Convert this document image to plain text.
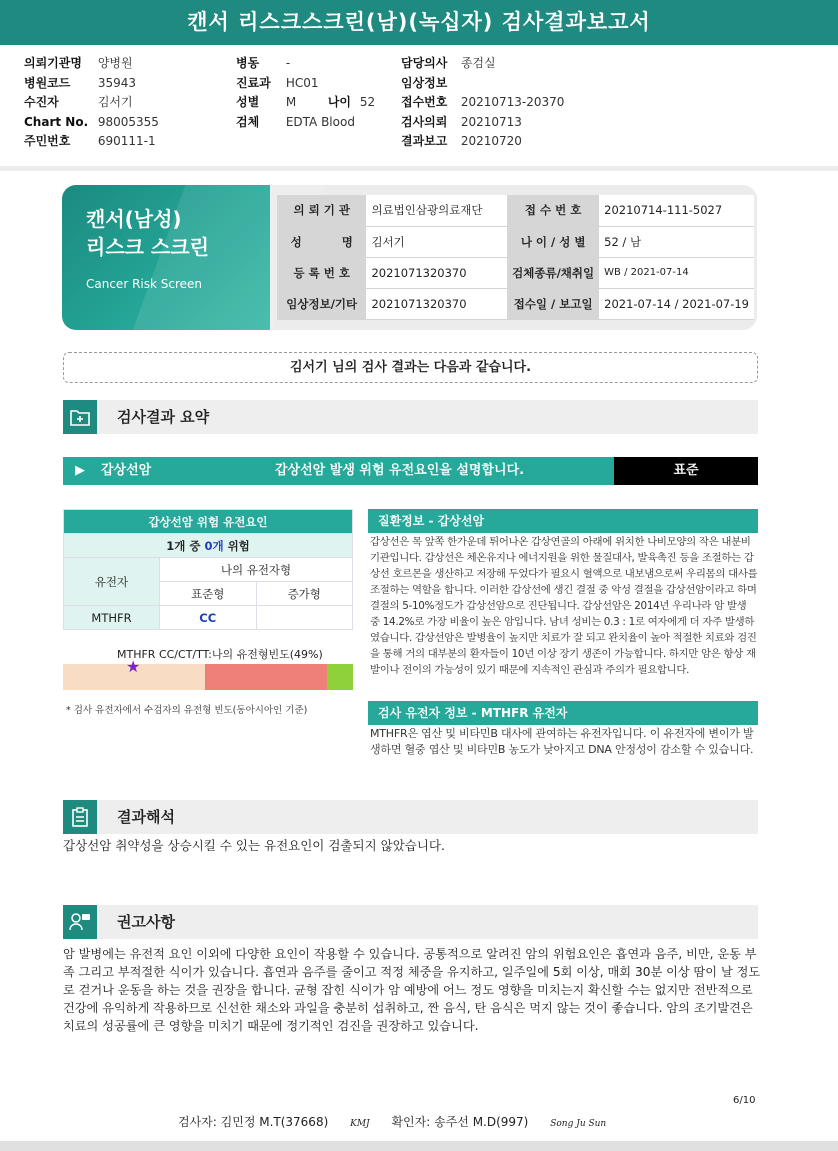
캔서 리스크스크린(남)(녹십자) 검사결과보고서
의뢰기관명 양병원
병원코드 35943
수진자	김서기
Chart No. 98005355
주민번호 690111-1
병동 -
진료과 HC01
성별 M	나이 52
검체 EDTA Blood
담당의사 종검실
임상정보
접수번호 20210713-20370
검사의뢰 20210713
결과보고 20210720
캔서(남성)
리스크 스크린
Cancer Risk Screen
의 뢰 기 관	의료법인삼광의료재단	접 수 번 호	20210714-111-5027
성          명	김서기	나 이 / 성 별	52 / 남
등 록 번 호	2021071320370	검체종류/채취일	WB / 2021-07-14
임상정보/기타	2021071320370	접수일 / 보고일	2021-07-14 / 2021-07-19
김서기 님의 검사 결과는 다음과 같습니다.
검사결과 요약
▶ 갑상선암	갑상선암 발생 위험 유전요인을 설명합니다.	표준
갑상선암 위험 유전요인		
1개 중 0개 위험		
유전자	나의 유전자형	
	표준형	증가형
MTHFR	CC	
MTHFR CC/CT/TT:나의 유전형빈도(49%)
★
* 검사 유전자에서 수검자의 유전형 빈도(동아시아인 기준)
질환정보 - 갑상선암
갑상선은 목 앞쪽 한가운데 튀어나온 갑상연골의 아래에 위치한 나비모양의 작은 내분비기관입니다. 갑상선은 체온유지나 에너지원을 위한 물질대사, 발육촉진 등을 조절하는 갑상선 호르몬을 생산하고 저장해 두었다가 필요시 혈액으로 내보냄으로써 우리몸의 대사를 조절하는 역할을 합니다. 이러한 갑상선에 생긴 결절 중 악성 결절을 갑상선암이라고 하며 결절의 5-10%정도가 갑상선암으로 진단됩니다. 갑상선암은 2014년 우리나라 암 발생 중 14.2%로 가장 비율이 높은 암입니다. 남녀 성비는 0.3 : 1로 여자에게 더 자주 발생하였습니다. 갑상선암은 발병율이 높지만 치료가 잘 되고 완치율이 높아 적절한 치료와 검진을 통해 거의 대부분의 환자들이 10년 이상 장기 생존이 가능합니다. 하지만 암은 항상 재발이나 전이의 가능성이 있기 때문에 지속적인 관심과 주의가 필요합니다.
검사 유전자 정보 - MTHFR 유전자
MTHFR은 엽산 및 비타민B 대사에 관여하는 유전자입니다. 이 유전자에 변이가 발생하면 혈중 엽산 및 비타민B 농도가 낮아지고 DNA 안정성이 감소할 수 있습니다.
결과해석
갑상선암 취약성을 상승시킬 수 있는 유전요인이 검출되지 않았습니다.
권고사항
암 발병에는 유전적 요인 이외에 다양한 요인이 작용할 수 있습니다. 공통적으로 알려진 암의 위험요인은 흡연과 음주, 비만, 운동 부족 그리고 부적절한 식이가 있습니다. 흡연과 음주를 줄이고 적정 체중을 유지하고, 일주일에 5회 이상, 매회 30분 이상 땀이 날 정도로 걷거나 운동을 하는 것을 권장을 합니다. 균형 잡힌 식이가 암 예방에 어느 정도 영향을 미치는지 확신할 수는 없지만 전반적으로 건강에 유익하게 작용하므로 신선한 채소와 과일을 충분히 섭취하고, 짠 음식, 탄 음식은 먹지 않는 것이 좋습니다. 암의 조기발견은 치료의 성공률에 큰 영향을 미치기 때문에 정기적인 검진을 권장하고 있습니다.
6/10
검사자: 김민정 M.T(37668) KMJ 확인자: 송주선 M.D(997) Song Ju Sun
